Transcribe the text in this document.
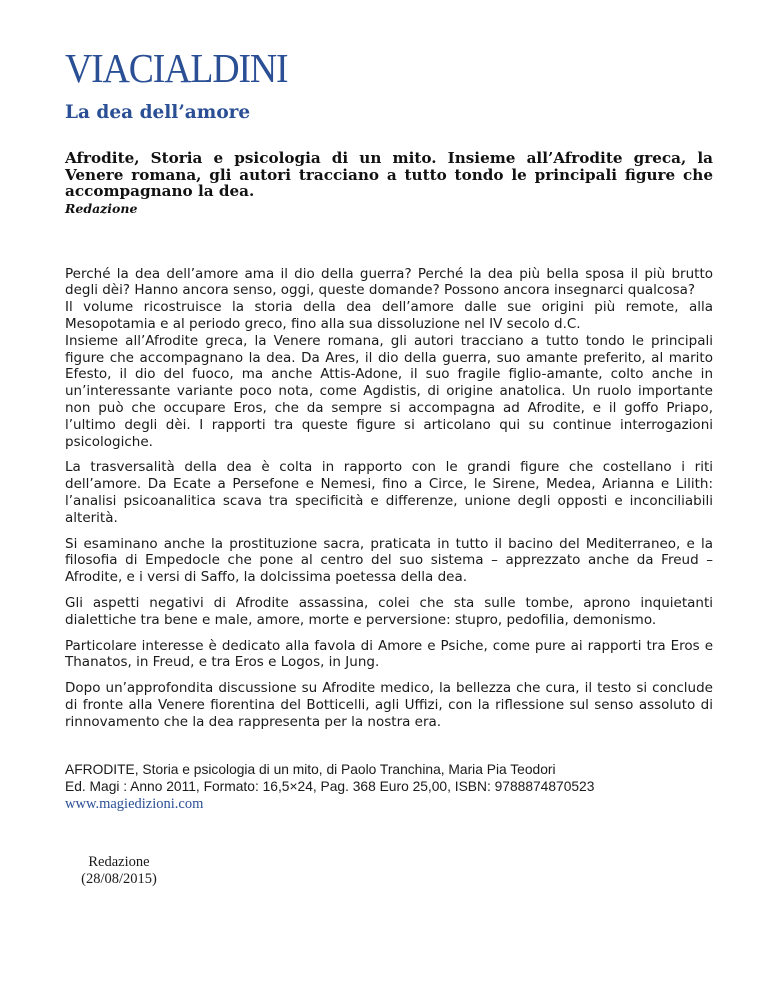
VIACIALDINI
La dea dell’amore
Afrodite, Storia e psicologia di un mito. Insieme all’Afrodite greca, la Venere romana, gli autori tracciano a tutto tondo le principali figure che accompagnano la dea.
Redazione

Perché la dea dell’amore ama il dio della guerra? Perché la dea più bella sposa il più brutto degli dèi? Hanno ancora senso, oggi, queste domande? Possono ancora insegnarci qualcosa?

Il volume ricostruisce la storia della dea dell’amore dalle sue origini più remote, alla Mesopotamia e al periodo greco, fino alla sua dissoluzione nel IV secolo d.C.

Insieme all’Afrodite greca, la Venere romana, gli autori tracciano a tutto tondo le principali figure che accompagnano la dea. Da Ares, il dio della guerra, suo amante preferito, al marito Efesto, il dio del fuoco, ma anche Attis-Adone, il suo fragile figlio-amante, colto anche in un’interessante variante poco nota, come Agdistis, di origine anatolica. Un ruolo importante non può che occupare Eros, che da sempre si accompagna ad Afrodite, e il goffo Priapo, l’ultimo degli dèi. I rapporti tra queste figure si articolano qui su continue interrogazioni psicologiche.

La trasversalità della dea è colta in rapporto con le grandi figure che costellano i riti dell’amore. Da Ecate a Persefone e Nemesi, fino a Circe, le Sirene, Medea, Arianna e Lilith: l’analisi psicoanalitica scava tra specificità e differenze, unione degli opposti e inconciliabili alterità.

Si esaminano anche la prostituzione sacra, praticata in tutto il bacino del Mediterraneo, e la filosofia di Empedocle che pone al centro del suo sistema – apprezzato anche da Freud – Afrodite, e i versi di Saffo, la dolcissima poetessa della dea.

Gli aspetti negativi di Afrodite assassina, colei che sta sulle tombe, aprono inquietanti dialettiche tra bene e male, amore, morte e perversione: stupro, pedofilia, demonismo.

Particolare interesse è dedicato alla favola di Amore e Psiche, come pure ai rapporti tra Eros e Thanatos, in Freud, e tra Eros e Logos, in Jung.

Dopo un’approfondita discussione su Afrodite medico, la bellezza che cura, il testo si conclude di fronte alla Venere fiorentina del Botticelli, agli Uffizi, con la riflessione sul senso assoluto di rinnovamento che la dea rappresenta per la nostra era.

AFRODITE, Storia e psicologia di un mito, di Paolo Tranchina, Maria Pia Teodori
Ed. Magi : Anno 2011, Formato: 16,5×24, Pag. 368 Euro 25,00, ISBN: 9788874870523
www.magiedizioni.com
Redazione
(28/08/2015)
